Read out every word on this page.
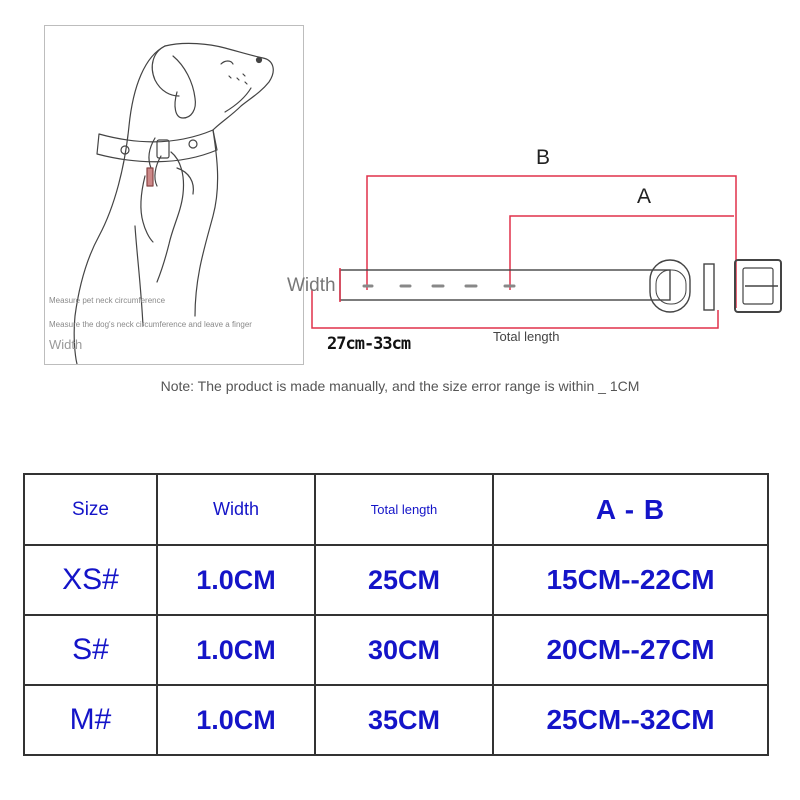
Measure pet neck circumference
Measure the dog's neck circumference and leave a finger
Width
B
A
Width
27cm-33cm	Total length
Note: The product is made manually, and the size error range is within _ 1CM
Size	Width	Total length	A - B
XS#	1.0CM	25CM	15CM--22CM
S#	1.0CM	30CM	20CM--27CM
M#	1.0CM	35CM	25CM--32CM
